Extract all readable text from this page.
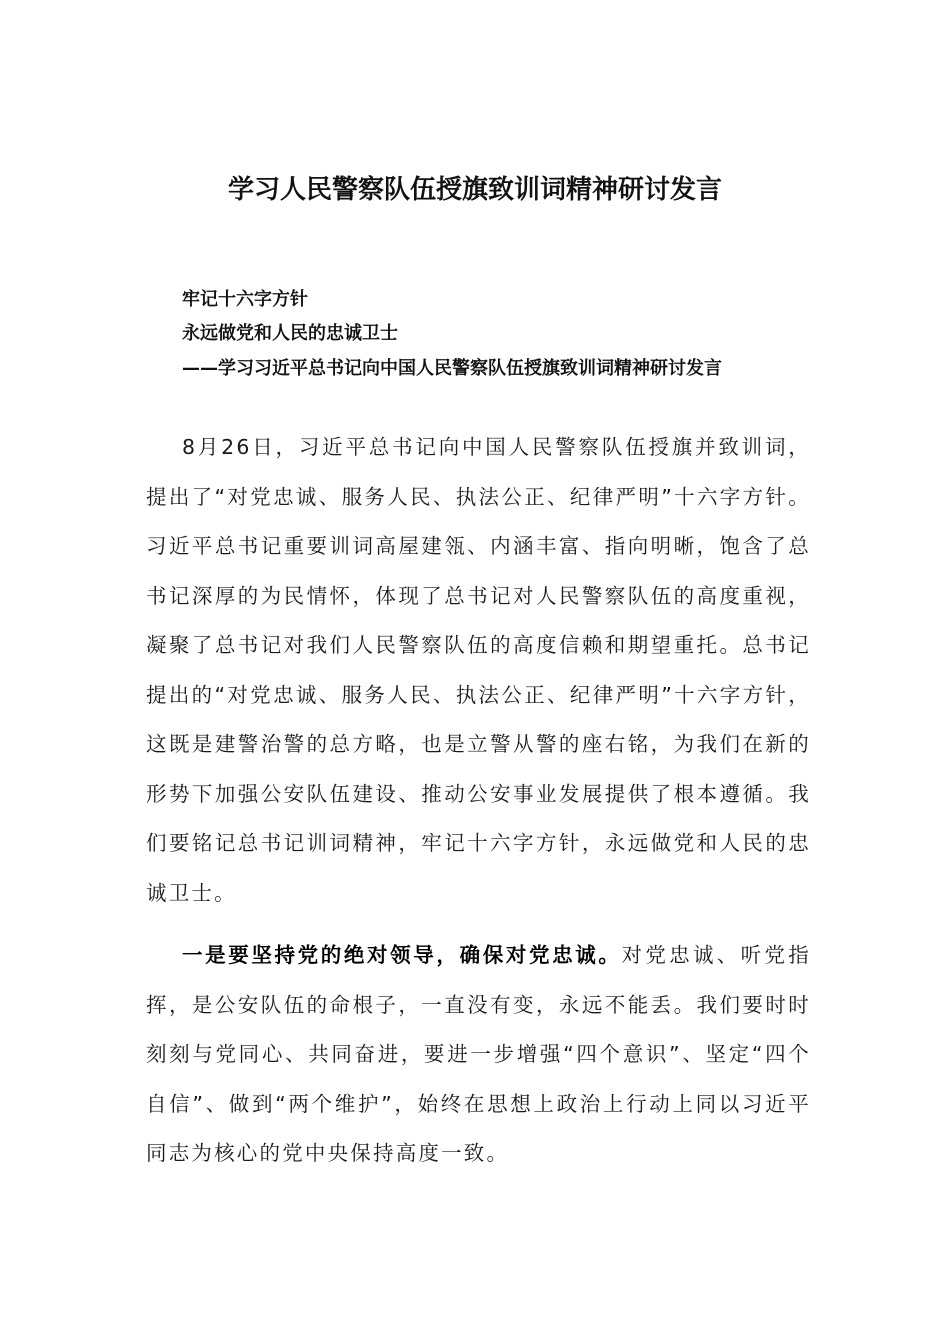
学习人民警察队伍授旗致训词精神研讨发言

牢记十六字方针

永远做党和人民的忠诚卫士

——学习习近平总书记向中国人民警察队伍授旗致训词精神研讨发言

8月26日，习近平总书记向中国人民警察队伍授旗并致训词，提出了“对党忠诚、服务人民、执法公正、纪律严明”十六字方针。习近平总书记重要训词高屋建瓴、内涵丰富、指向明晰，饱含了总书记深厚的为民情怀，体现了总书记对人民警察队伍的高度重视，凝聚了总书记对我们人民警察队伍的高度信赖和期望重托。总书记提出的“对党忠诚、服务人民、执法公正、纪律严明”十六字方针，这既是建警治警的总方略，也是立警从警的座右铭，为我们在新的形势下加强公安队伍建设、推动公安事业发展提供了根本遵循。我们要铭记总书记训词精神，牢记十六字方针，永远做党和人民的忠诚卫士。

一是要坚持党的绝对领导，确保对党忠诚。对党忠诚、听党指挥，是公安队伍的命根子，一直没有变，永远不能丢。我们要时时刻刻与党同心、共同奋进，要进一步增强“四个意识”、坚定“四个自信”、做到“两个维护”，始终在思想上政治上行动上同以习近平同志为核心的党中央保持高度一致。
